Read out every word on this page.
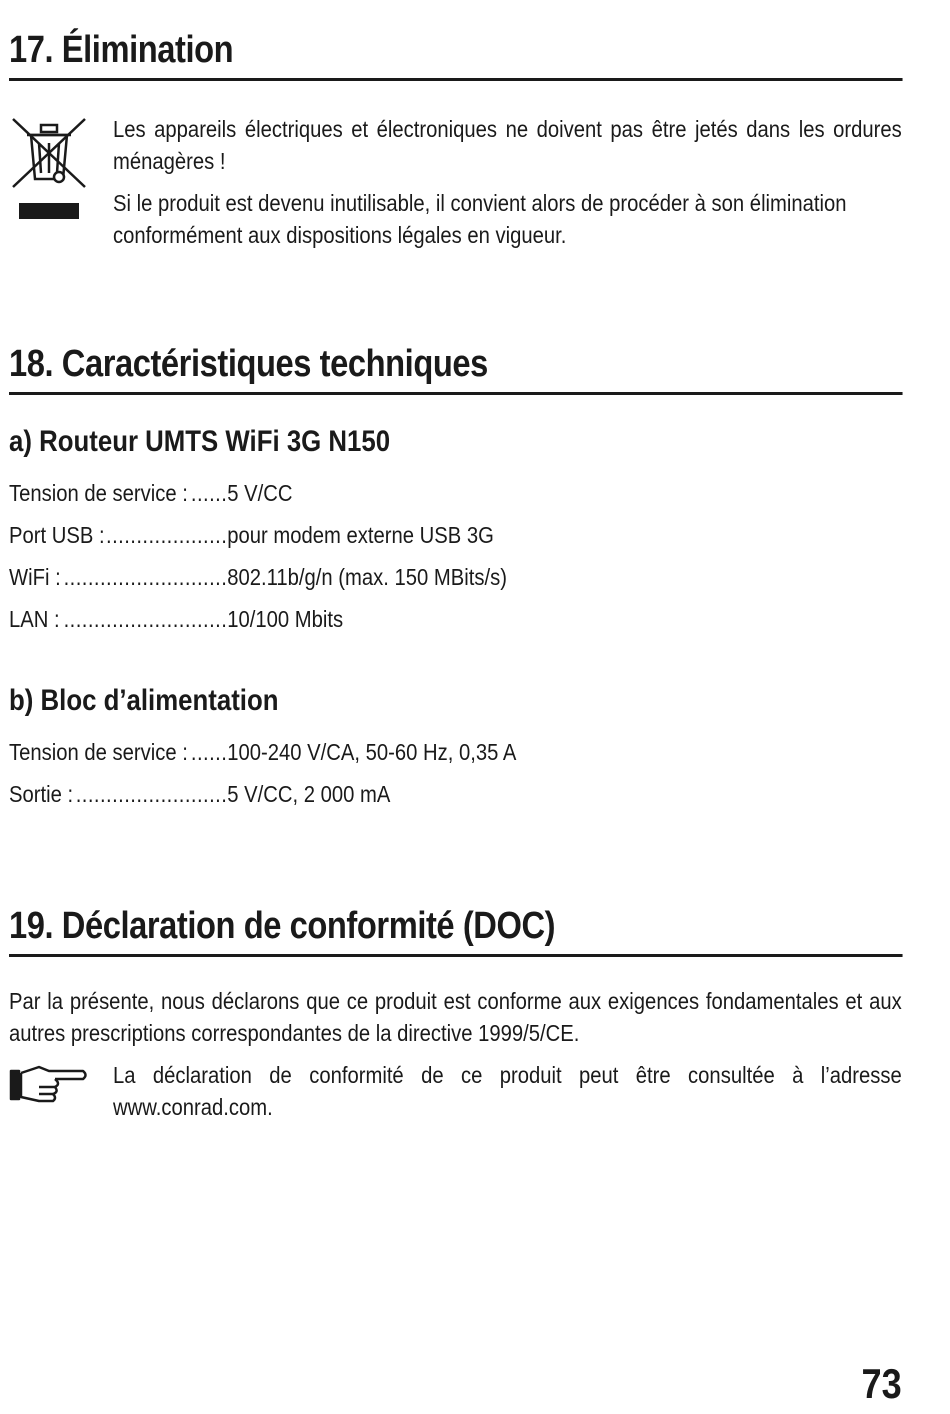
17. Élimination
Les appareils électriques et électroniques ne doivent pas être jetés dans les ordures ménagères !
Si le produit est devenu inutilisable, il convient alors de procéder à son élimination conformément aux dispositions légales en vigueur.
18. Caractéristiques techniques
a) Routeur UMTS WiFi 3G N150
Tension de service : .....	5 V/CC
Port USB : .....	pour modem externe USB 3G
WiFi : .....	802.11b/g/n (max. 150 MBits/s)
LAN : .....	10/100 Mbits
b) Bloc d’alimentation
Tension de service : .....	100-240 V/CA, 50-60 Hz, 0,35 A
Sortie : .....	5 V/CC, 2 000 mA
19. Déclaration de conformité (DOC)
Par la présente, nous déclarons que ce produit est conforme aux exigences fondamentales et aux autres prescriptions correspondantes de la directive 1999/5/CE.
La déclaration de conformité de ce produit peut être consultée à l’adresse www.conrad.com.
73
